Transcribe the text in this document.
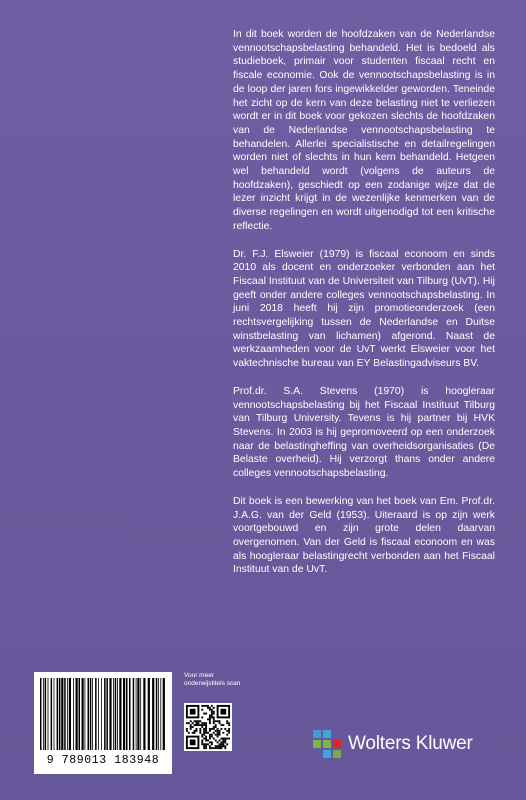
In dit boek worden de hoofdzaken van de Nederlandse vennootschapsbelasting behandeld. Het is bedoeld als studieboek, primair voor studenten fiscaal recht en fiscale economie. Ook de vennootschapsbelasting is in de loop der jaren fors ingewikkelder geworden. Teneinde het zicht op de kern van deze belasting niet te verliezen wordt er in dit boek voor gekozen slechts de hoofdzaken van de Nederlandse vennootschapsbelasting te behandelen. Allerlei specialistische en detailregelingen worden niet of slechts in hun kern behandeld. Hetgeen wel behandeld wordt (volgens de auteurs de hoofdzaken), geschiedt op een zodanige wijze dat de lezer inzicht krijgt in de wezenlijke kenmerken van de diverse regelingen en wordt uitgenodigd tot een kritische reflectie.

Dr. F.J. Elsweier (1979) is fiscaal econoom en sinds 2010 als docent en onderzoeker verbonden aan het Fiscaal Instituut van de Universiteit van Tilburg (UvT). Hij geeft onder andere colleges vennootschapsbelasting. In juni 2018 heeft hij zijn promotieonderzoek (een rechtsvergelijking tussen de Nederlandse en Duitse winstbelasting van lichamen) afgerond. Naast de werkzaamheden voor de UvT werkt Elsweier voor het vaktechnische bureau van EY Belastingadviseurs BV.

Prof.dr. S.A. Stevens (1970) is hoogleraar vennootschapsbelasting bij het Fiscaal Instituut Tilburg van Tilburg University. Tevens is hij partner bij HVK Stevens. In 2003 is hij gepromoveerd op een onderzoek naar de belastingheffing van overheidsorganisaties (De Belaste overheid). Hij verzorgt thans onder andere colleges vennootschapsbelasting.

Dit boek is een bewerking van het boek van Em. Prof.dr. J.A.G. van der Geld (1953). Uiteraard is op zijn werk voortgebouwd en zijn grote delen daarvan overgenomen. Van der Geld is fiscaal econoom en was als hoogleraar belastingrecht verbonden aan het Fiscaal Instituut van de UvT.

9 789013 183948
Voor meer onderwijstitels scan
Wolters Kluwer
